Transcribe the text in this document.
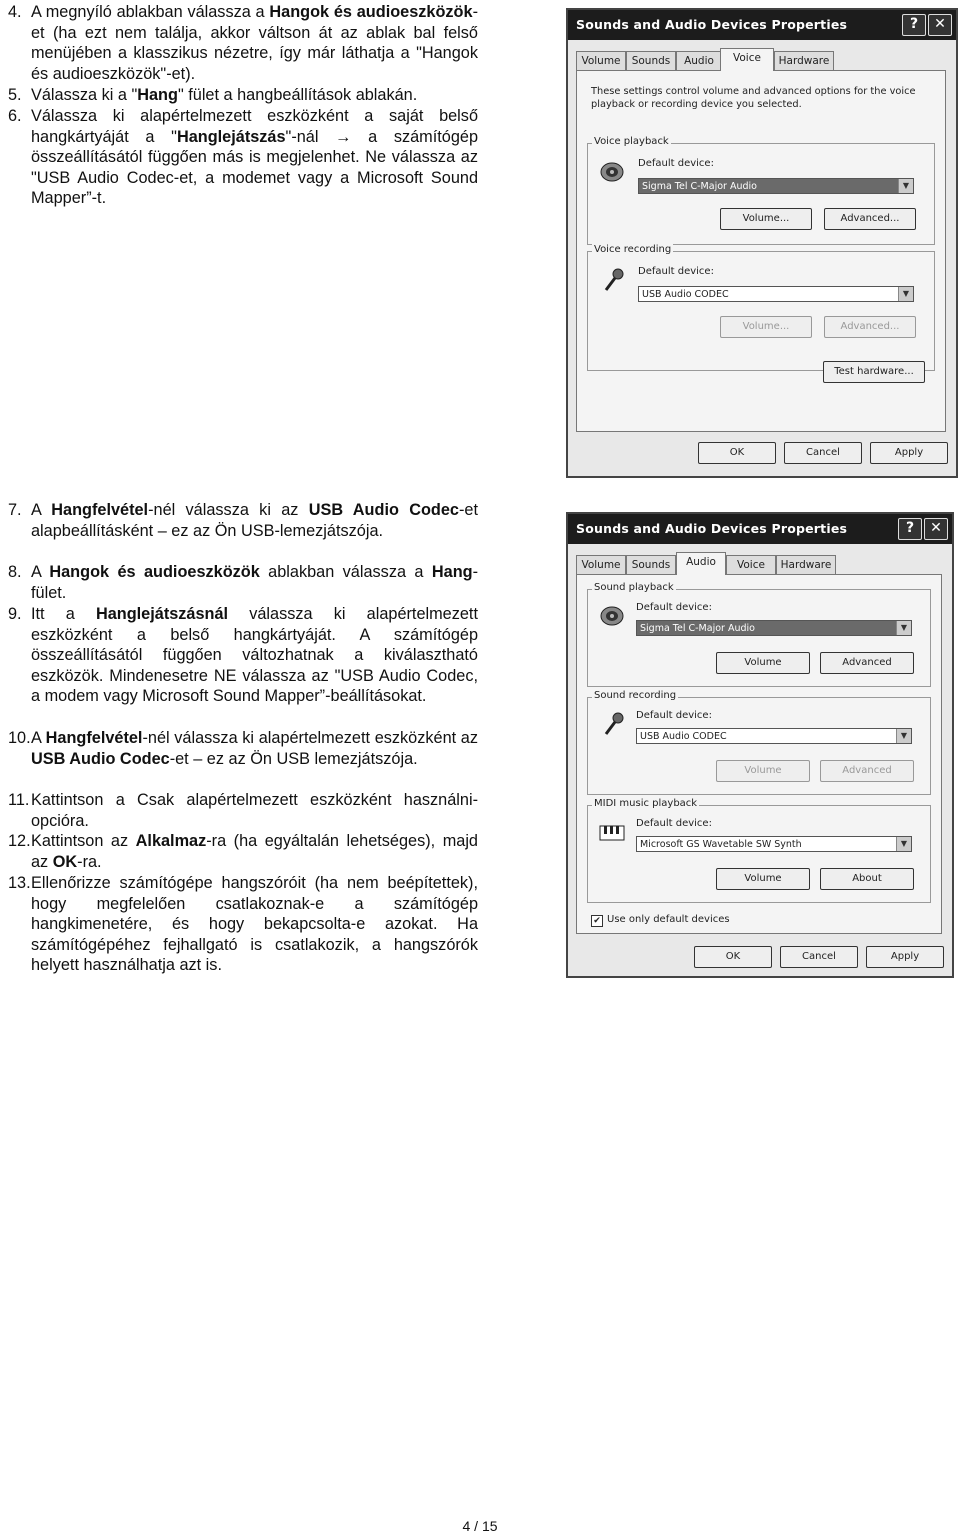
4. A megnyíló ablakban válassza a Hangok és audioeszközök-et (ha ezt nem találja, akkor váltson át az ablak bal felső menüjében a klasszikus nézetre, így már láthatja a "Hangok és audioeszközök"-et).
5. Válassza ki a "Hang" fület a hangbeállítások ablakán.
6. Válassza ki alapértelmezett eszközként a saját belső hangkártyáját a "Hanglejátszás"-nál → a számítógép összeállításától függően más is megjelenhet. Ne válassza az "USB Audio Codec-et, a modemet vagy a Microsoft Sound Mapper”-t.
7. A Hangfelvétel-nél válassza ki az USB Audio Codec-et alapbeállításként – ez az Ön USB-lemezjátszója.
8. A Hangok és audioeszközök ablakban válassza a Hang-fület.
9. Itt a Hanglejátszásnál válassza ki alapértelmezett eszközként a belső hangkártyáját. A számítógép összeállításától függően változhatnak a kiválasztható eszközök. Mindenesetre NE válassza az "USB Audio Codec, a modem vagy Microsoft Sound Mapper”-beállításokat.
10. A Hangfelvétel-nél válassza ki alapértelmezett eszközként az USB Audio Codec-et – ez az Ön USB lemezjátszója.
11. Kattintson a Csak alapértelmezett eszközként használni-opcióra.
12. Kattintson az Alkalmaz-ra (ha egyáltalán lehetséges), majd az OK-ra.
13. Ellenőrizze számítógépe hangszóróit (ha nem beépítettek), hogy megfelelően csatlakoznak-e a számítógép hangkimenetére, és hogy bekapcsolta-e azokat. Ha számítógépéhez fejhallgató is csatlakozik, a hangszórók helyett használhatja azt is.
Sounds and Audio Devices Properties	?	✕
Volume	Sounds	Audio	Voice	Hardware
These settings control volume and advanced options for the voice playback or recording device you selected.
Voice playback
Default device:
Sigma Tel C-Major Audio	▼
Volume...	Advanced...
Voice recording
Default device:
USB Audio CODEC	▼
Volume...	Advanced...
Test hardware...
OK	Cancel	Apply
Sounds and Audio Devices Properties	?	✕
Volume	Sounds	Audio	Voice	Hardware
Sound playback
Default device:
Sigma Tel C-Major Audio	▼
Volume	Advanced
Sound recording
Default device:
USB Audio CODEC	▼
Volume	Advanced
MIDI music playback
Default device:
Microsoft GS Wavetable SW Synth	▼
Volume	About
✔ Use only default devices
OK	Cancel	Apply
4 / 15
